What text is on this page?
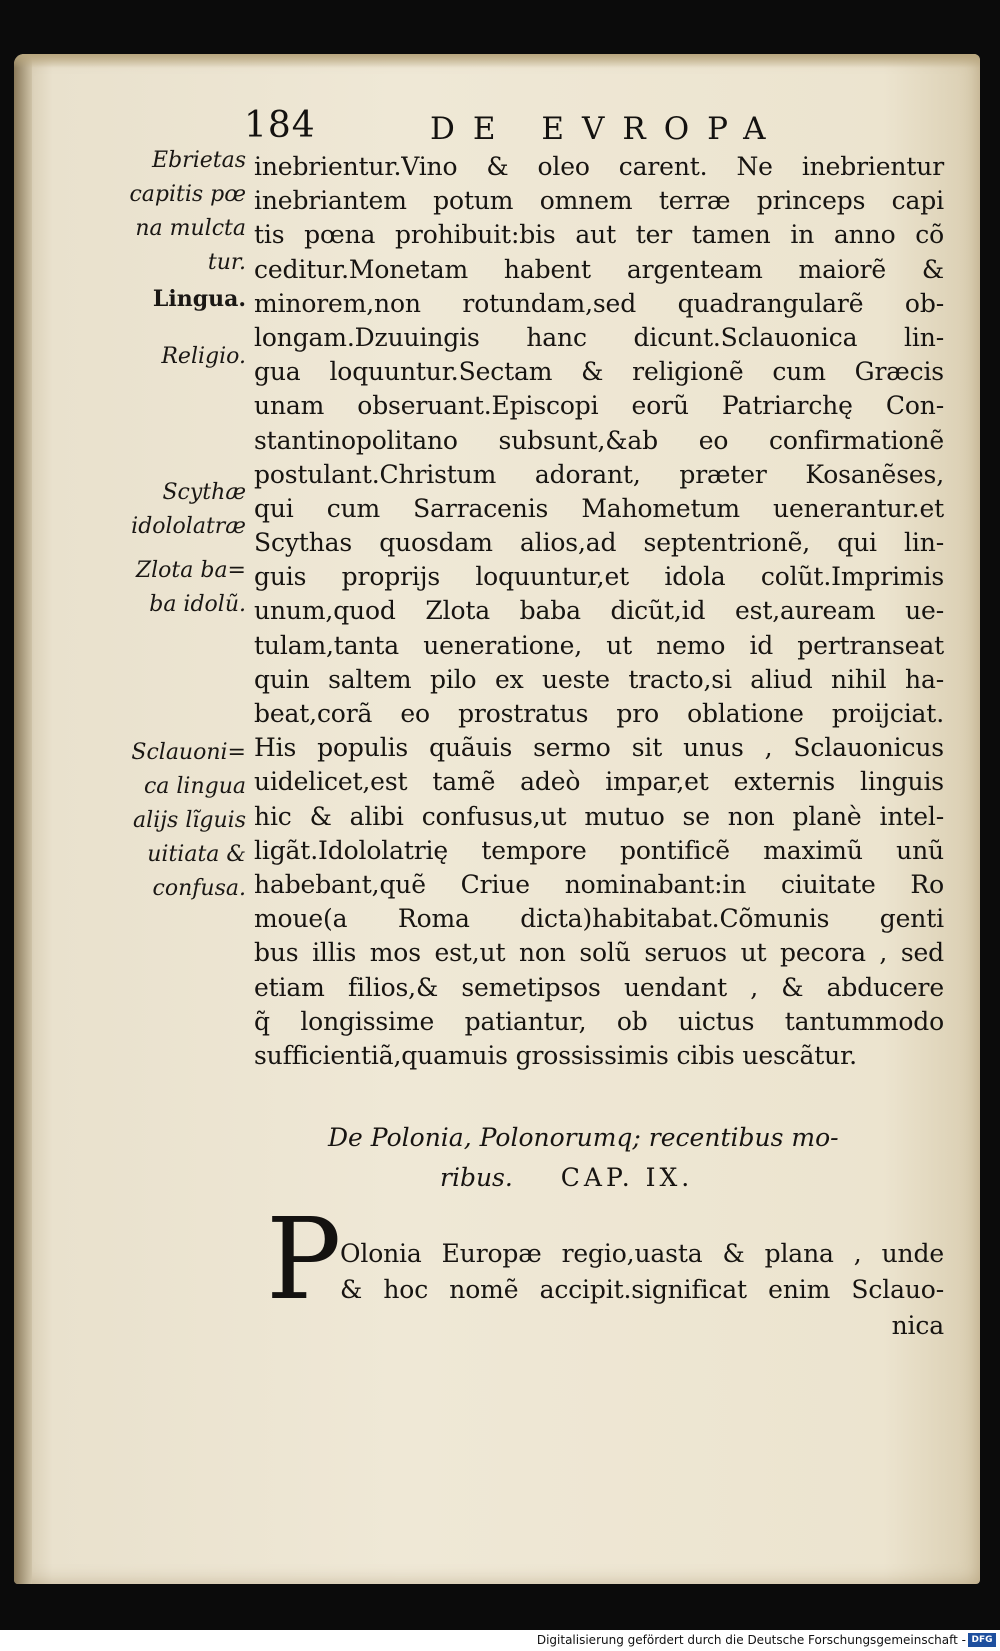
184	DE EVROPA
Ebrietas
capitis pœ
na mulcta
tur.
Lingua.
Religio.
Scythæ
idololatræ
Zlota ba=
ba idolũ.
Sclauoni=
ca lingua
alijs lĩguis
uitiata &
confusa.
inebrientur.Vino & oleo carent. Ne inebrientur
inebriantem potum omnem terræ princeps capi
tis pœna prohibuit:bis aut ter tamen in anno cõ
ceditur.Monetam habent argenteam maiorẽ &
minorem,non rotundam,sed quadrangularẽ ob-
longam.Dzuuingis hanc dicunt.Sclauonica lin-
gua loquuntur.Sectam & religionẽ cum Græcis
unam obseruant.Episcopi eorũ Patriarchę Con-
stantinopolitano subsunt,&ab eo confirmationẽ
postulant.Christum adorant, præter Kosanẽses,
qui cum Sarracenis Mahometum uenerantur.et
Scythas quosdam alios,ad septentrionẽ, qui lin-
guis proprijs loquuntur,et idola colũt.Imprimis
unum,quod Zlota baba dicũt,id est,auream ue-
tulam,tanta ueneratione, ut nemo id pertranseat
quin saltem pilo ex ueste tracto,si aliud nihil ha-
beat,corã eo prostratus pro oblatione proijciat.
His populis quãuis sermo sit unus , Sclauonicus
uidelicet,est tamẽ adeò impar,et externis linguis
hic & alibi confusus,ut mutuo se non planè intel-
ligãt.Idololatrię tempore pontificẽ maximũ unũ
habebant,quẽ Criue nominabant:in ciuitate Ro
moue(a Roma dicta)habitabat.Cõmunis genti
bus illis mos est,ut non solũ seruos ut pecora , sed
etiam filios,& semetipsos uendant , & abducere
q̃ longissime patiantur, ob uictus tantummodo
sufficientiã,quamuis grossissimis cibis uescãtur.
De Polonia, Polonorumq; recentibus mo-
ribus. CAP. IX.
P
Olonia Europæ regio,uasta & plana , unde
& hoc nomẽ accipit.significat enim Sclauo-
nica
Digitalisierung gefördert durch die Deutsche Forschungsgemeinschaft - DFG
